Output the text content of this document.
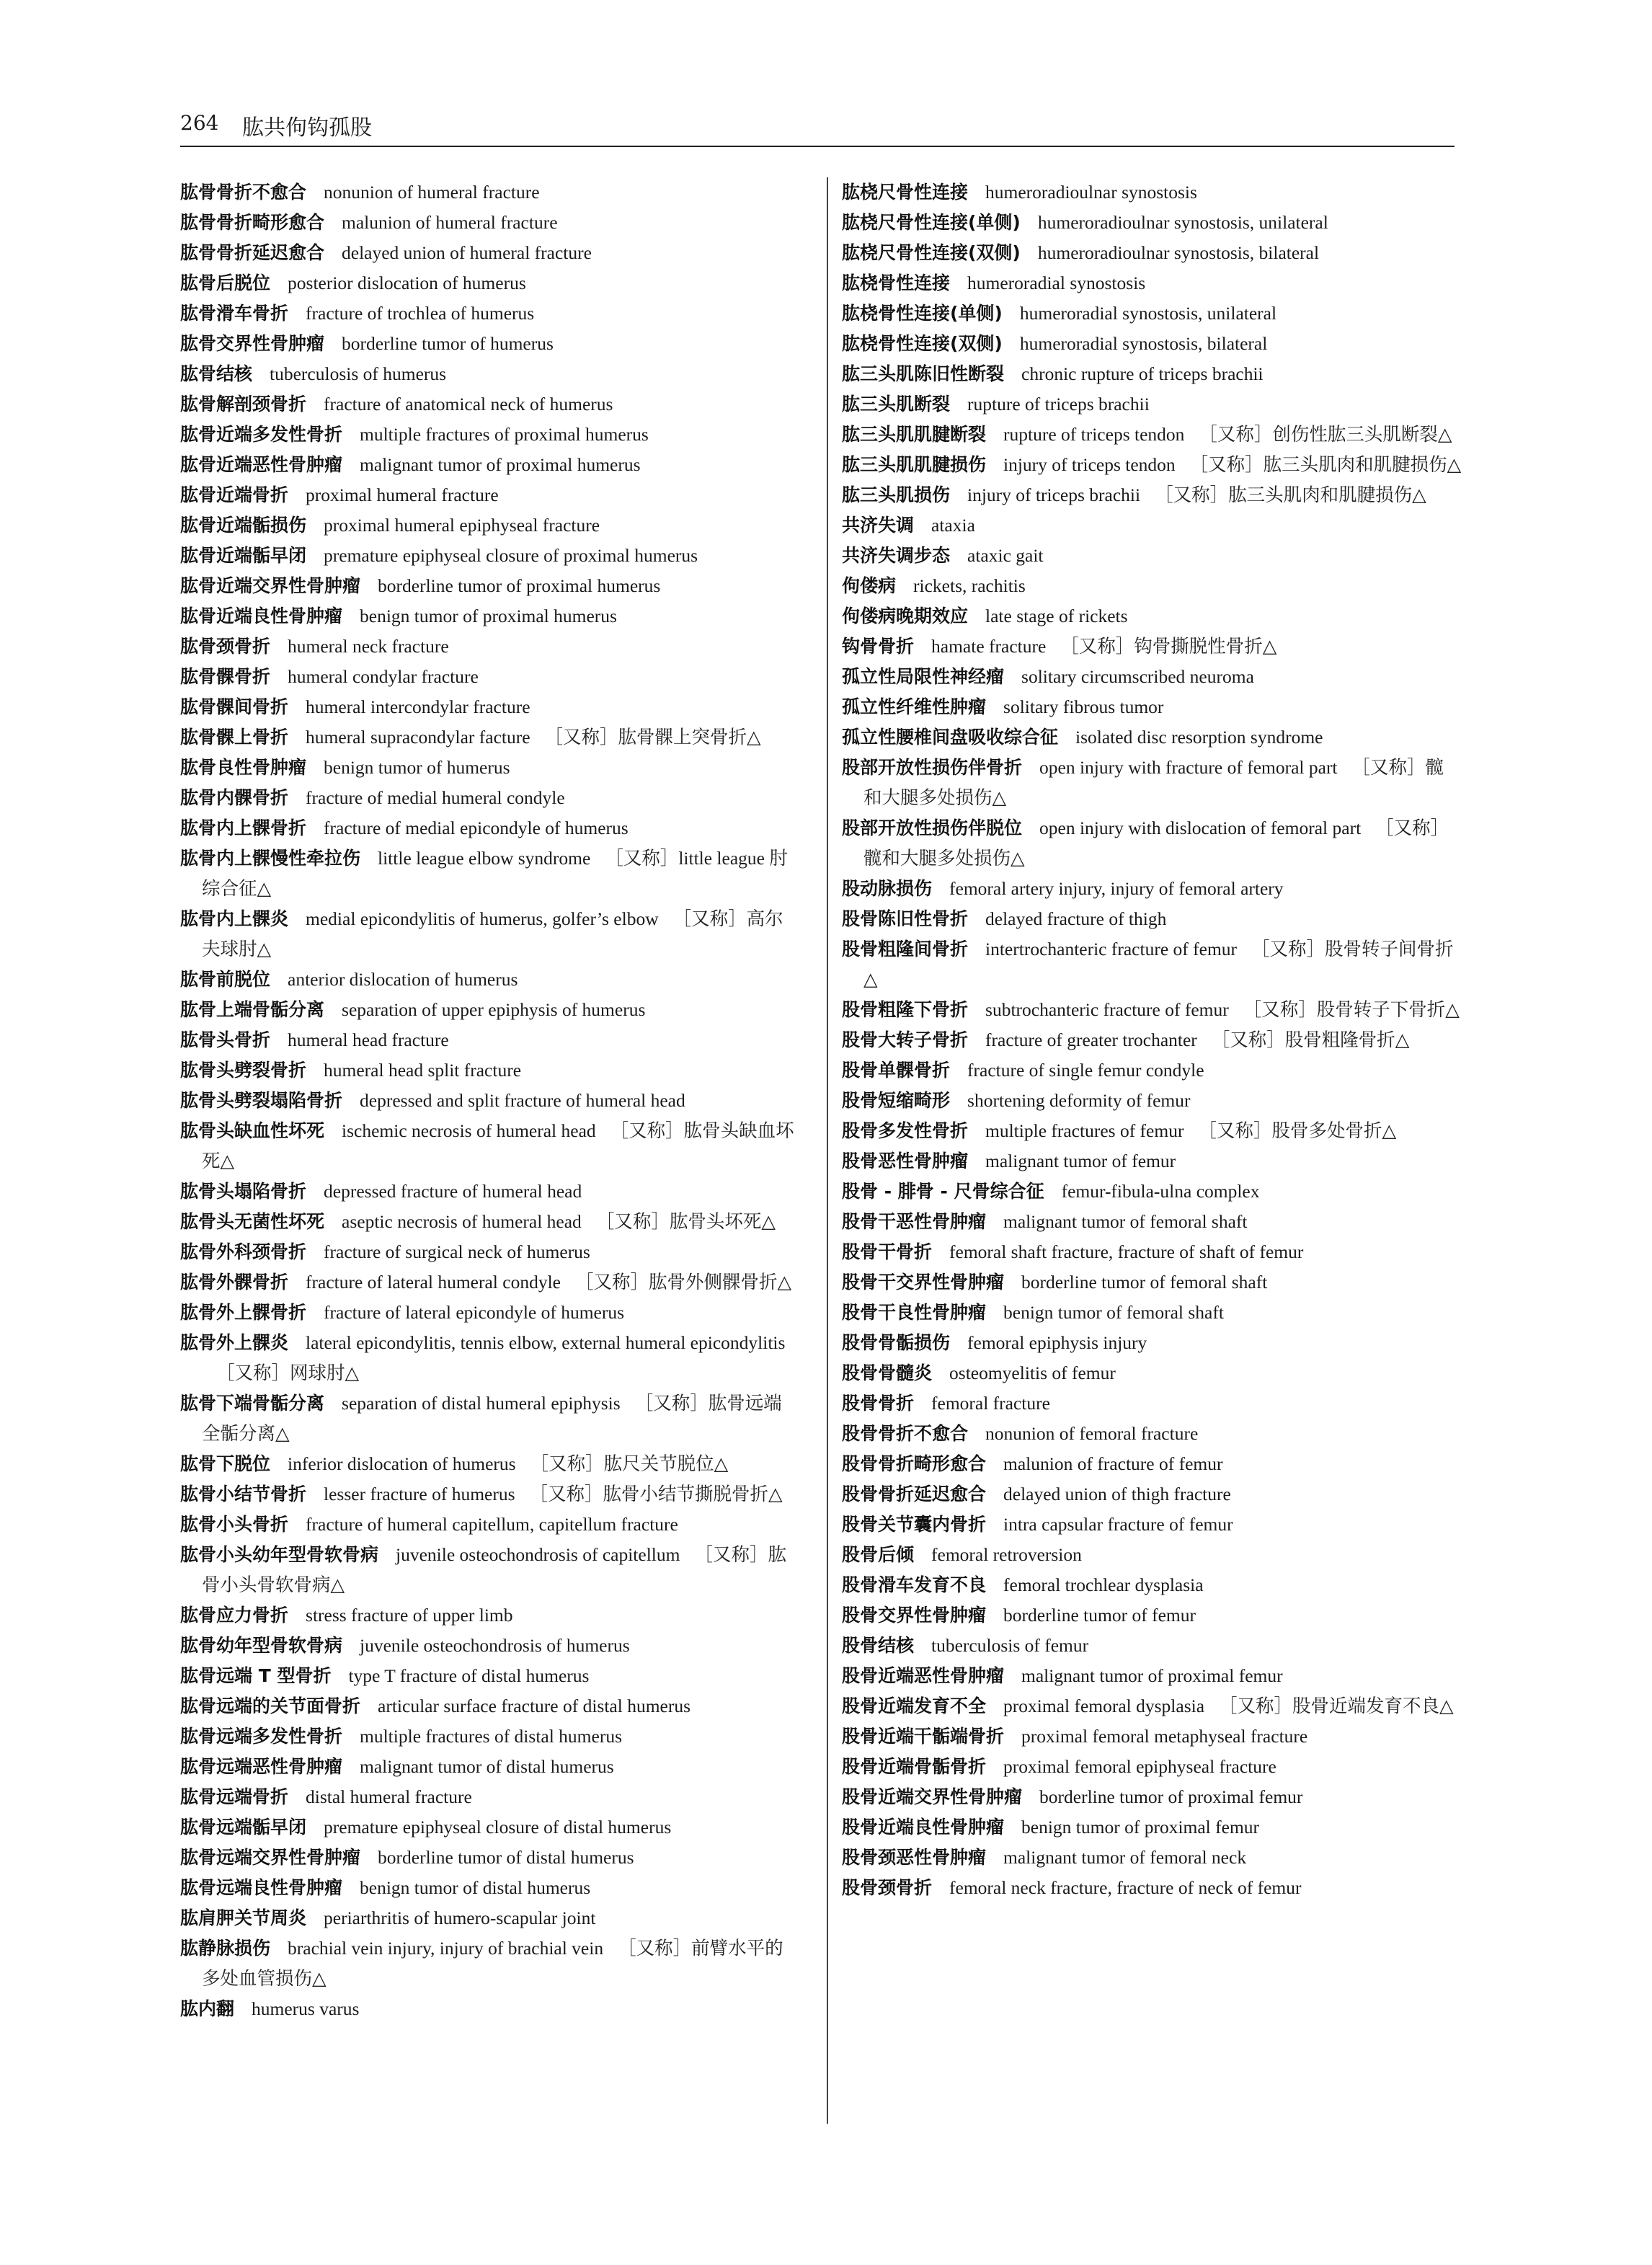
264 肱共佝钩孤股
肱骨骨折不愈合 nonunion of humeral fracture
肱骨骨折畸形愈合 malunion of humeral fracture
肱骨骨折延迟愈合 delayed union of humeral fracture
肱骨后脱位 posterior dislocation of humerus
肱骨滑车骨折 fracture of trochlea of humerus
肱骨交界性骨肿瘤 borderline tumor of humerus
肱骨结核 tuberculosis of humerus
肱骨解剖颈骨折 fracture of anatomical neck of humerus
肱骨近端多发性骨折 multiple fractures of proximal humerus
肱骨近端恶性骨肿瘤 malignant tumor of proximal humerus
肱骨近端骨折 proximal humeral fracture
肱骨近端骺损伤 proximal humeral epiphyseal fracture
肱骨近端骺早闭 premature epiphyseal closure of proximal humerus
肱骨近端交界性骨肿瘤 borderline tumor of proximal humerus
肱骨近端良性骨肿瘤 benign tumor of proximal humerus
肱骨颈骨折 humeral neck fracture
肱骨髁骨折 humeral condylar fracture
肱骨髁间骨折 humeral intercondylar fracture
肱骨髁上骨折 humeral supracondylar facture ［又称］肱骨髁上突骨折△
肱骨良性骨肿瘤 benign tumor of humerus
肱骨内髁骨折 fracture of medial humeral condyle
肱骨内上髁骨折 fracture of medial epicondyle of humerus
肱骨内上髁慢性牵拉伤 little league elbow syndrome ［又称］little league 肘综合征△
肱骨内上髁炎 medial epicondylitis of humerus, golfer’s elbow ［又称］高尔夫球肘△
肱骨前脱位 anterior dislocation of humerus
肱骨上端骨骺分离 separation of upper epiphysis of humerus
肱骨头骨折 humeral head fracture
肱骨头劈裂骨折 humeral head split fracture
肱骨头劈裂塌陷骨折 depressed and split fracture of humeral head
肱骨头缺血性坏死 ischemic necrosis of humeral head ［又称］肱骨头缺血坏死△
肱骨头塌陷骨折 depressed fracture of humeral head
肱骨头无菌性坏死 aseptic necrosis of humeral head ［又称］肱骨头坏死△
肱骨外科颈骨折 fracture of surgical neck of humerus
肱骨外髁骨折 fracture of lateral humeral condyle ［又称］肱骨外侧髁骨折△
肱骨外上髁骨折 fracture of lateral epicondyle of humerus
肱骨外上髁炎 lateral epicondylitis, tennis elbow, external humeral epicondylitis［又称］网球肘△
肱骨下端骨骺分离 separation of distal humeral epiphysis ［又称］肱骨远端全骺分离△
肱骨下脱位 inferior dislocation of humerus ［又称］肱尺关节脱位△
肱骨小结节骨折 lesser fracture of humerus ［又称］肱骨小结节撕脱骨折△
肱骨小头骨折 fracture of humeral capitellum, capitellum fracture
肱骨小头幼年型骨软骨病 juvenile osteochondrosis of capitellum ［又称］肱骨小头骨软骨病△
肱骨应力骨折 stress fracture of upper limb
肱骨幼年型骨软骨病 juvenile osteochondrosis of humerus
肱骨远端 T 型骨折 type T fracture of distal humerus
肱骨远端的关节面骨折 articular surface fracture of distal humerus
肱骨远端多发性骨折 multiple fractures of distal humerus
肱骨远端恶性骨肿瘤 malignant tumor of distal humerus
肱骨远端骨折 distal humeral fracture
肱骨远端骺早闭 premature epiphyseal closure of distal humerus
肱骨远端交界性骨肿瘤 borderline tumor of distal humerus
肱骨远端良性骨肿瘤 benign tumor of distal humerus
肱肩胛关节周炎 periarthritis of humero-scapular joint
肱静脉损伤 brachial vein injury, injury of brachial vein ［又称］前臂水平的多处血管损伤△
肱内翻 humerus varus
肱桡尺骨性连接 humeroradioulnar synostosis
肱桡尺骨性连接(单侧) humeroradioulnar synostosis, unilateral
肱桡尺骨性连接(双侧) humeroradioulnar synostosis, bilateral
肱桡骨性连接 humeroradial synostosis
肱桡骨性连接(单侧) humeroradial synostosis, unilateral
肱桡骨性连接(双侧) humeroradial synostosis, bilateral
肱三头肌陈旧性断裂 chronic rupture of triceps brachii
肱三头肌断裂 rupture of triceps brachii
肱三头肌肌腱断裂 rupture of triceps tendon ［又称］创伤性肱三头肌断裂△
肱三头肌肌腱损伤 injury of triceps tendon ［又称］肱三头肌肉和肌腱损伤△
肱三头肌损伤 injury of triceps brachii ［又称］肱三头肌肉和肌腱损伤△
共济失调 ataxia
共济失调步态 ataxic gait
佝偻病 rickets, rachitis
佝偻病晚期效应 late stage of rickets
钩骨骨折 hamate fracture ［又称］钩骨撕脱性骨折△
孤立性局限性神经瘤 solitary circumscribed neuroma
孤立性纤维性肿瘤 solitary fibrous tumor
孤立性腰椎间盘吸收综合征 isolated disc resorption syndrome
股部开放性损伤伴骨折 open injury with fracture of femoral part ［又称］髋和大腿多处损伤△
股部开放性损伤伴脱位 open injury with dislocation of femoral part ［又称］髋和大腿多处损伤△
股动脉损伤 femoral artery injury, injury of femoral artery
股骨陈旧性骨折 delayed fracture of thigh
股骨粗隆间骨折 intertrochanteric fracture of femur ［又称］股骨转子间骨折△
股骨粗隆下骨折 subtrochanteric fracture of femur ［又称］股骨转子下骨折△
股骨大转子骨折 fracture of greater trochanter ［又称］股骨粗隆骨折△
股骨单髁骨折 fracture of single femur condyle
股骨短缩畸形 shortening deformity of femur
股骨多发性骨折 multiple fractures of femur ［又称］股骨多处骨折△
股骨恶性骨肿瘤 malignant tumor of femur
股骨 - 腓骨 - 尺骨综合征 femur-fibula-ulna complex
股骨干恶性骨肿瘤 malignant tumor of femoral shaft
股骨干骨折 femoral shaft fracture, fracture of shaft of femur
股骨干交界性骨肿瘤 borderline tumor of femoral shaft
股骨干良性骨肿瘤 benign tumor of femoral shaft
股骨骨骺损伤 femoral epiphysis injury
股骨骨髓炎 osteomyelitis of femur
股骨骨折 femoral fracture
股骨骨折不愈合 nonunion of femoral fracture
股骨骨折畸形愈合 malunion of fracture of femur
股骨骨折延迟愈合 delayed union of thigh fracture
股骨关节囊内骨折 intra capsular fracture of femur
股骨后倾 femoral retroversion
股骨滑车发育不良 femoral trochlear dysplasia
股骨交界性骨肿瘤 borderline tumor of femur
股骨结核 tuberculosis of femur
股骨近端恶性骨肿瘤 malignant tumor of proximal femur
股骨近端发育不全 proximal femoral dysplasia ［又称］股骨近端发育不良△
股骨近端干骺端骨折 proximal femoral metaphyseal fracture
股骨近端骨骺骨折 proximal femoral epiphyseal fracture
股骨近端交界性骨肿瘤 borderline tumor of proximal femur
股骨近端良性骨肿瘤 benign tumor of proximal femur
股骨颈恶性骨肿瘤 malignant tumor of femoral neck
股骨颈骨折 femoral neck fracture, fracture of neck of femur
